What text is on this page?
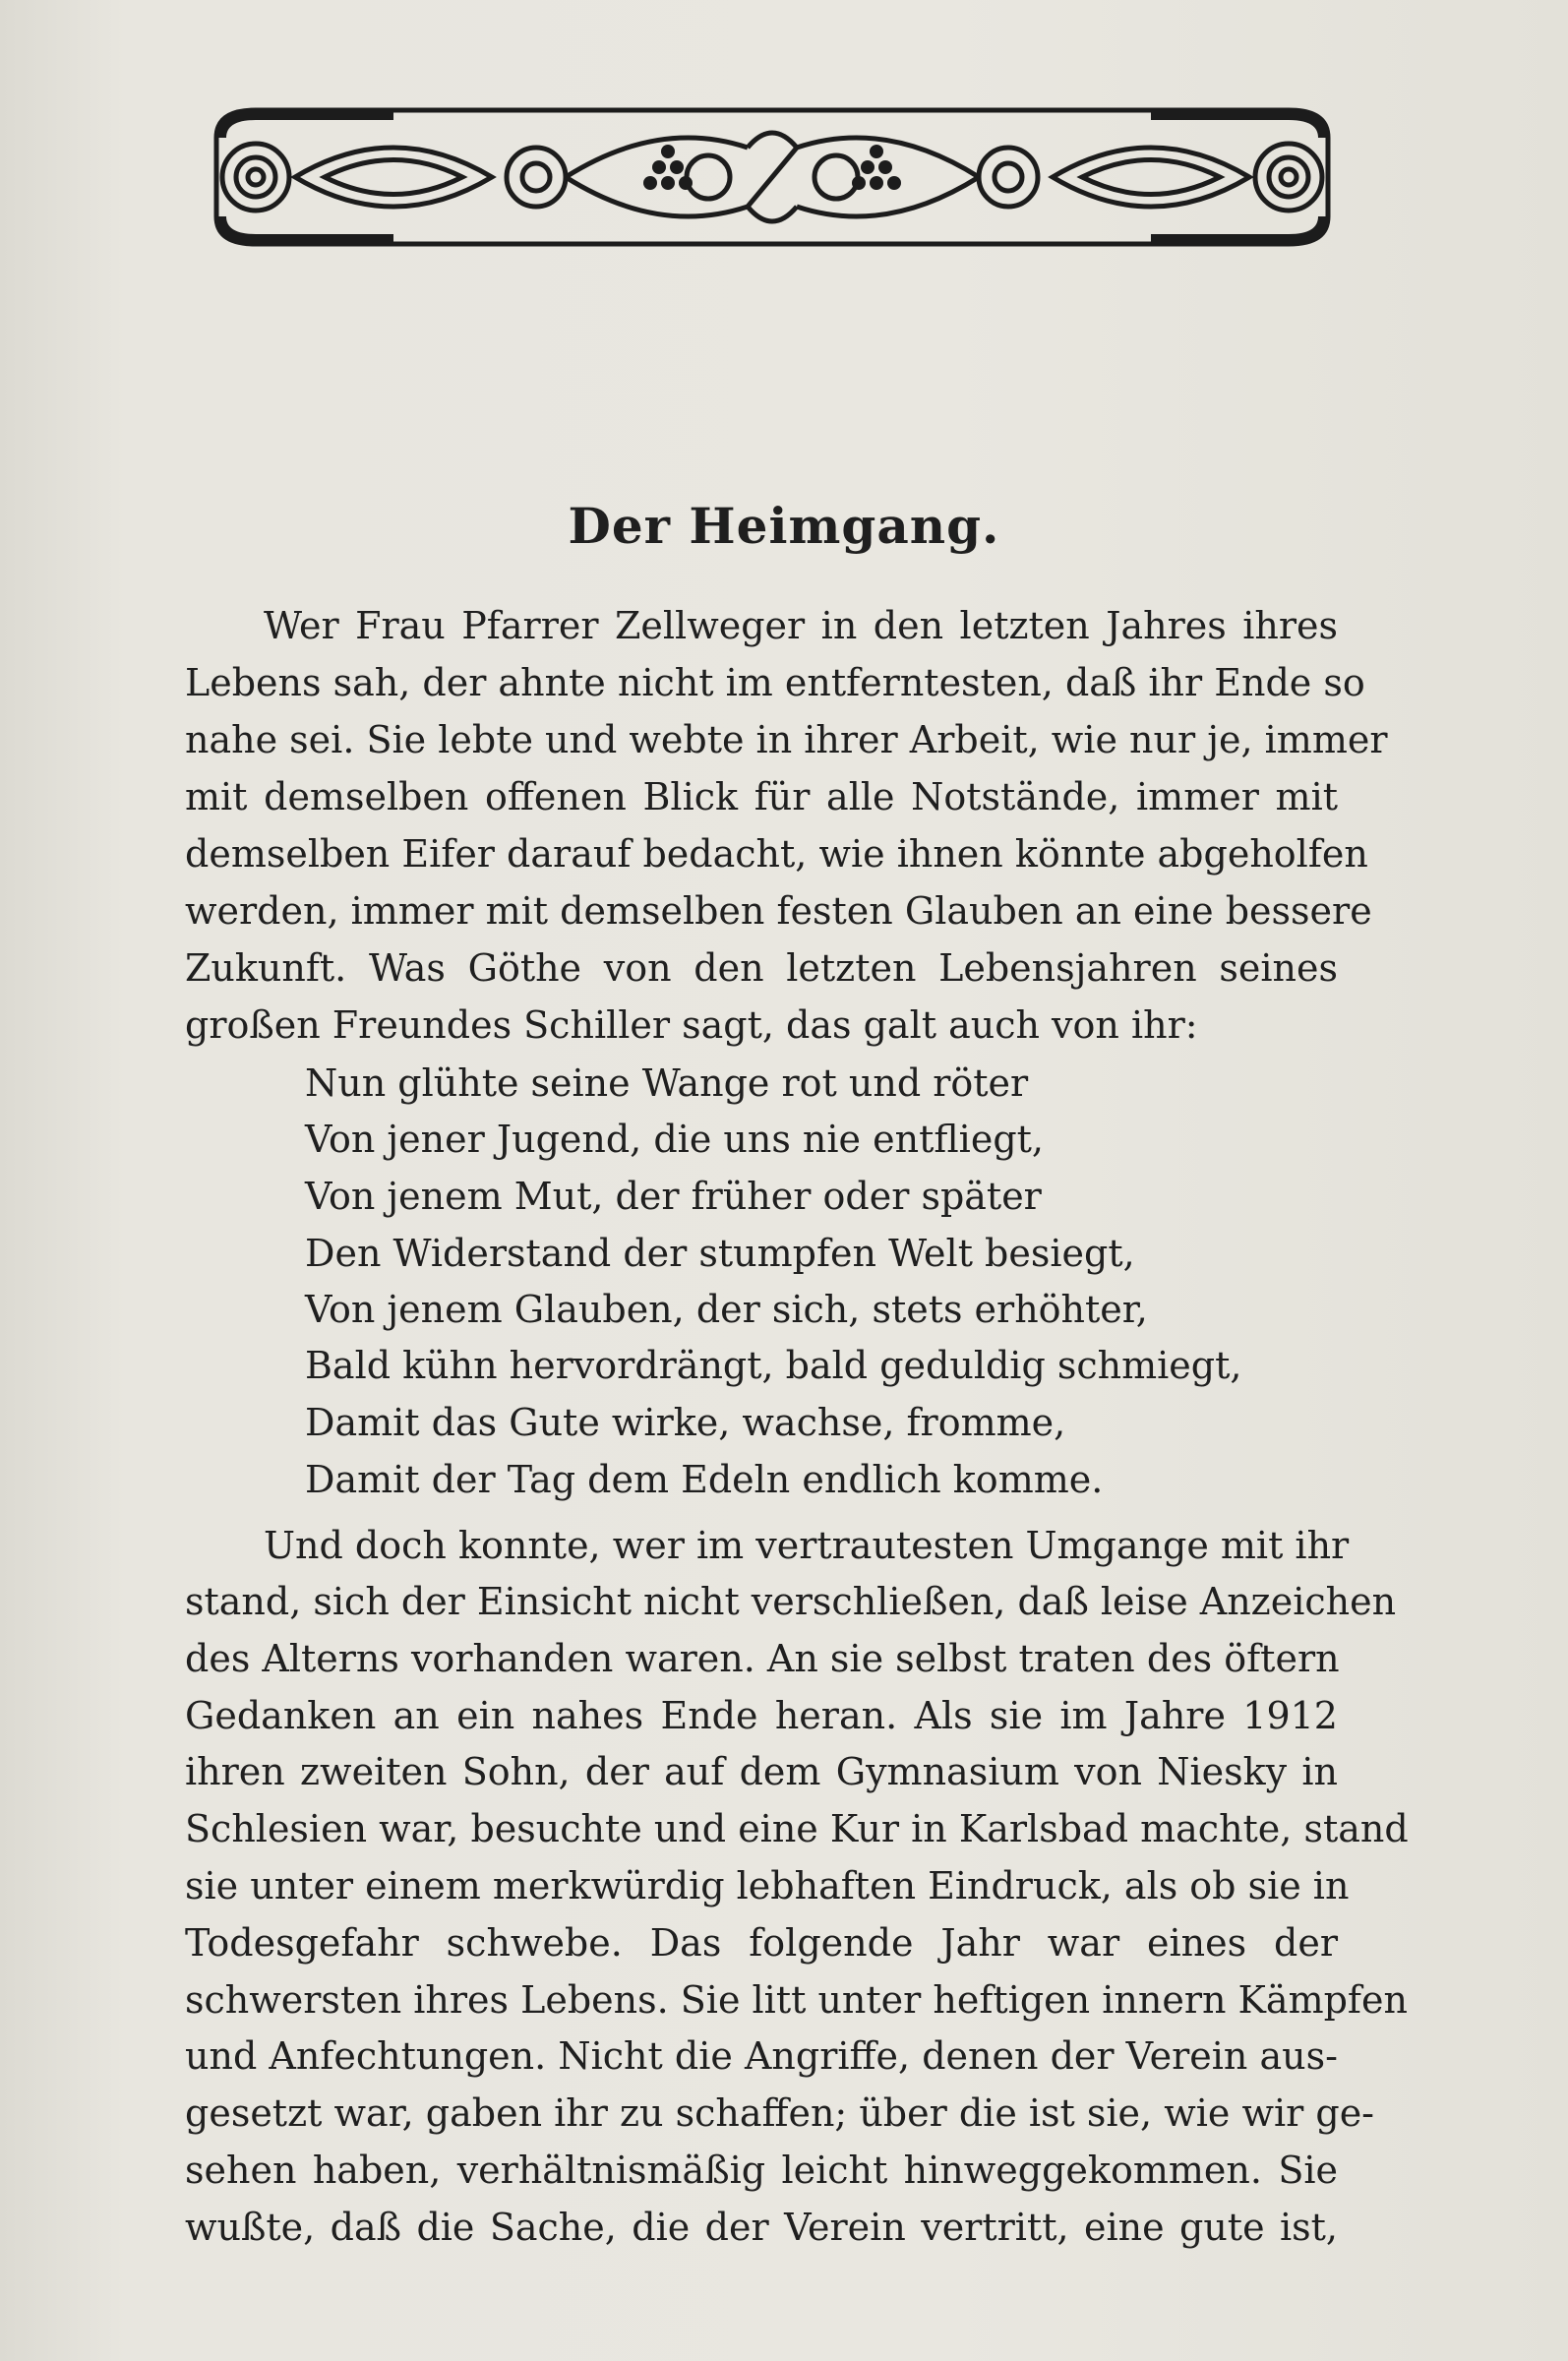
Der Heimgang.
Wer Frau Pfarrer Zellweger in den letzten Jahres ihres
Lebens sah, der ahnte nicht im entferntesten, daß ihr Ende so
nahe sei. Sie lebte und webte in ihrer Arbeit, wie nur je, immer
mit demselben offenen Blick für alle Notstände, immer mit
demselben Eifer darauf bedacht, wie ihnen könnte abgeholfen
werden, immer mit demselben festen Glauben an eine bessere
Zukunft. Was Göthe von den letzten Lebensjahren seines
großen Freundes Schiller sagt, das galt auch von ihr:
Nun glühte seine Wange rot und röter
Von jener Jugend, die uns nie entfliegt,
Von jenem Mut, der früher oder später
Den Widerstand der stumpfen Welt besiegt,
Von jenem Glauben, der sich, stets erhöhter,
Bald kühn hervordrängt, bald geduldig schmiegt,
Damit das Gute wirke, wachse, fromme,
Damit der Tag dem Edeln endlich komme.
Und doch konnte, wer im vertrautesten Umgange mit ihr
stand, sich der Einsicht nicht verschließen, daß leise Anzeichen
des Alterns vorhanden waren. An sie selbst traten des öftern
Gedanken an ein nahes Ende heran. Als sie im Jahre 1912
ihren zweiten Sohn, der auf dem Gymnasium von Niesky in
Schlesien war, besuchte und eine Kur in Karlsbad machte, stand
sie unter einem merkwürdig lebhaften Eindruck, als ob sie in
Todesgefahr schwebe. Das folgende Jahr war eines der
schwersten ihres Lebens. Sie litt unter heftigen innern Kämpfen
und Anfechtungen. Nicht die Angriffe, denen der Verein aus-
gesetzt war, gaben ihr zu schaffen; über die ist sie, wie wir ge-
sehen haben, verhältnismäßig leicht hinweggekommen. Sie
wußte, daß die Sache, die der Verein vertritt, eine gute ist,
